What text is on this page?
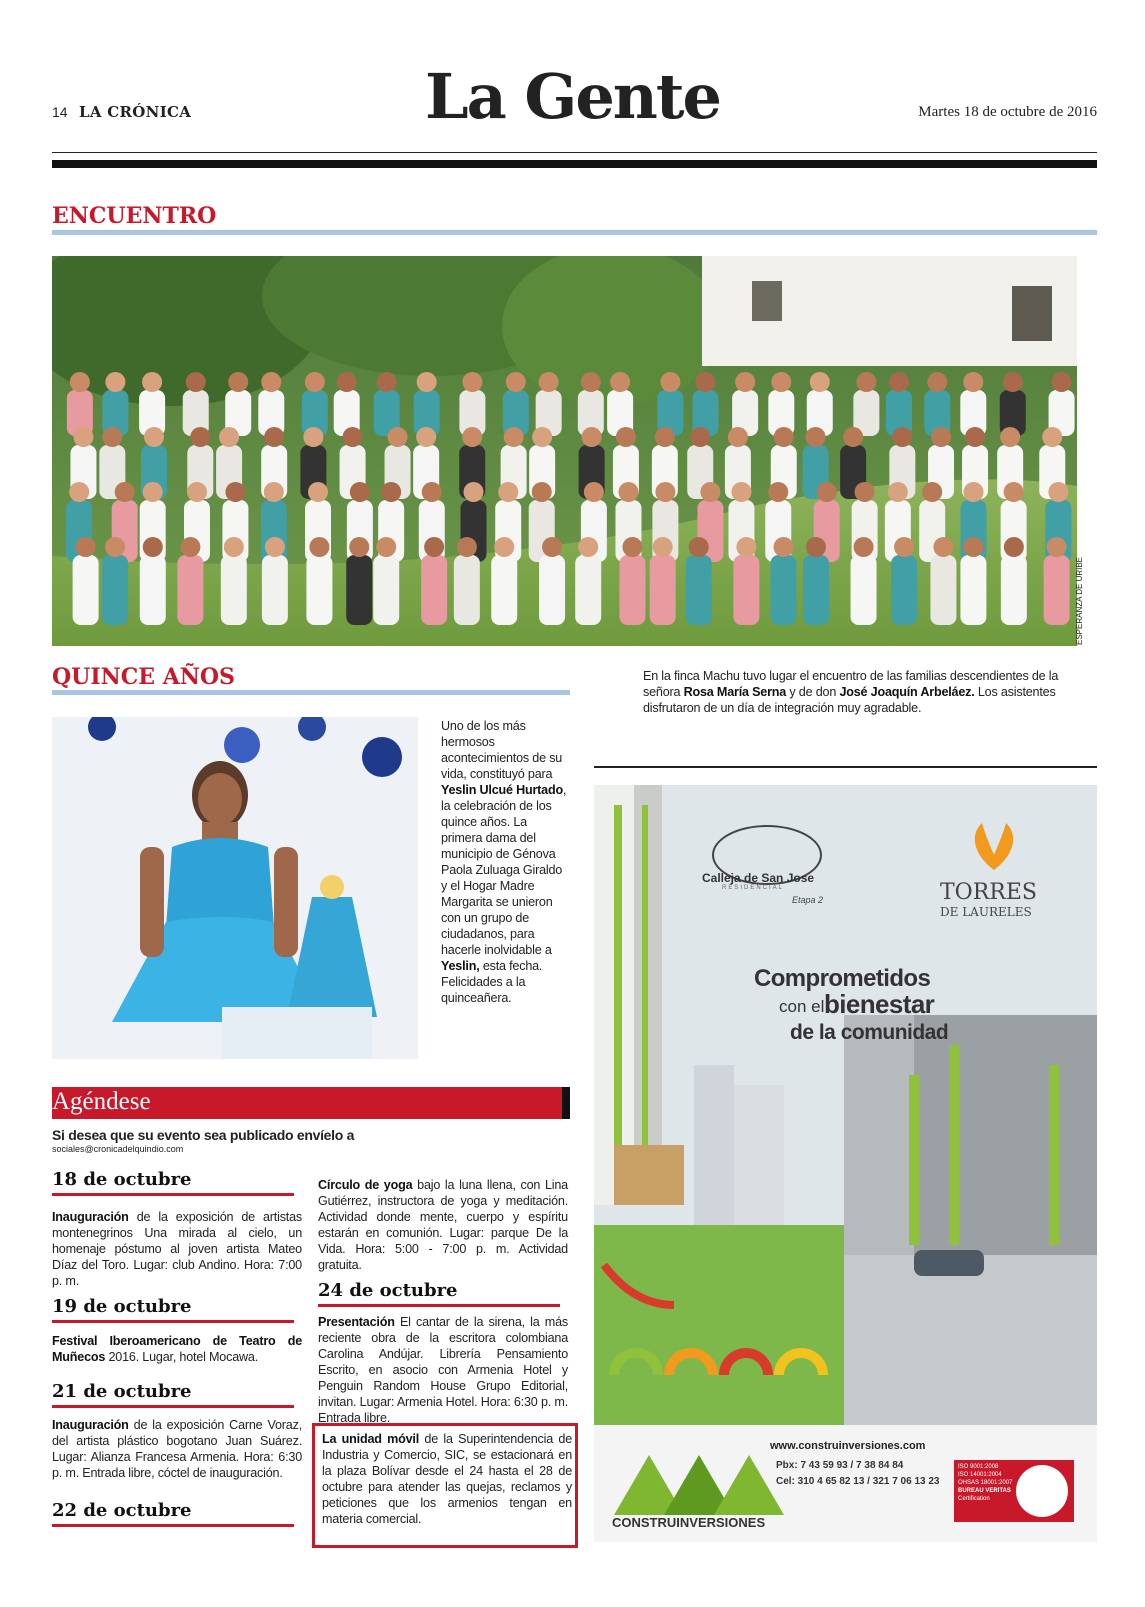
14 LA CRÓNICA	La Gente	Martes 18 de octubre de 2016
ENCUENTRO
ESPERANZA DE URIBE
En la finca Machu tuvo lugar el encuentro de las familias descendientes de la señora Rosa María Serna y de don José Joaquín Arbeláez. Los asistentes disfrutaron de un día de integración muy agradable.
QUINCE AÑOS
Uno de los más hermosos acontecimientos de su vida, constituyó para Yeslin Ulcué Hurtado, la celebración de los quince años. La primera dama del municipio de Génova Paola Zuluaga Giraldo y el Hogar Madre Margarita se unieron con un grupo de ciudadanos, para hacerle inolvidable a Yeslin, esta fecha. Felicidades a la quinceañera.
Agéndese
Si desea que su evento sea publicado envíelo a
sociales@cronicadelquindio.com
18 de octubre
Inauguración de la exposición de artistas montenegrinos Una mirada al cielo, un homenaje póstumo al joven artista Mateo Díaz del Toro. Lugar: club Andino. Hora: 7:00 p. m.
19 de octubre
Festival Iberoamericano de Teatro de Muñecos 2016. Lugar, hotel Mocawa.
21 de octubre
Inauguración de la exposición Carne Voraz, del artista plástico bogotano Juan Suárez. Lugar: Alianza Francesa Armenia. Hora: 6:30 p. m. Entrada libre, cóctel de inauguración.
22 de octubre
Círculo de yoga bajo la luna llena, con Lina Gutiérrez, instructora de yoga y meditación. Actividad donde mente, cuerpo y espíritu estarán en comunión. Lugar: parque De la Vida. Hora: 5:00 - 7:00 p. m. Actividad gratuita.
24 de octubre
Presentación El cantar de la sirena, la más reciente obra de la escritora colombiana Carolina Andújar. Librería Pensamiento Escrito, en asocio con Armenia Hotel y Penguin Random House Grupo Editorial, invitan. Lugar: Armenia Hotel. Hora: 6:30 p. m. Entrada libre.
La unidad móvil de la Superintendencia de Industria y Comercio, SIC, se estacionará en la plaza Bolívar desde el 24 hasta el 28 de octubre para atender las quejas, reclamos y peticiones que los armenios tengan en materia comercial.
Calleja de San Jose
RESIDENCIAL
Etapa 2	TORRES
DE LAURELES
Comprometidos
con el bienestar
de la comunidad
CONSTRUINVERSIONES
www.construinversiones.com
Pbx: 7 43 59 93 / 7 38 84 84
Cel: 310 4 65 82 13 / 321 7 06 13 23
ISO 9001:2008
ISO 14001:2004
OHSAS 18001:2007
BUREAU VERITAS
Certification
